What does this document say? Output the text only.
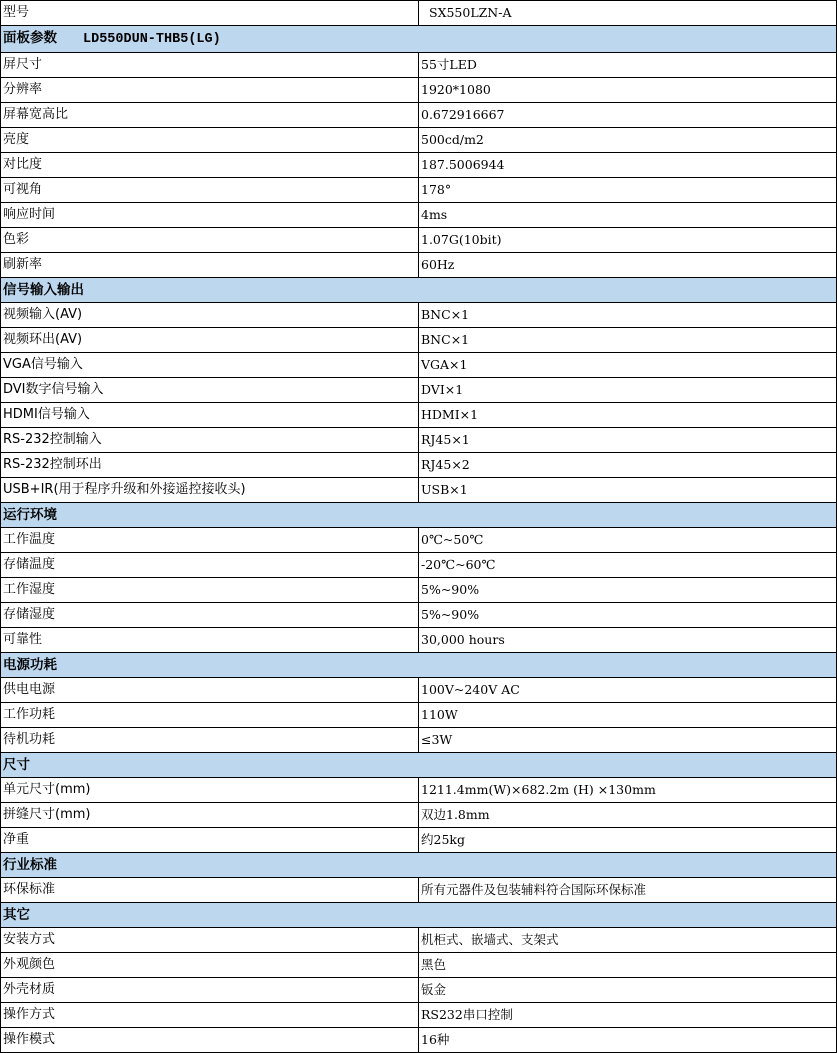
型号	SX550LZN-A
面板参数 LD550DUN-THB5(LG)	
屏尺寸	55寸LED
分辨率	1920*1080
屏幕宽高比	0.672916667
亮度	500cd/m2
对比度	187.5006944
可视角	178°
响应时间	4ms
色彩	1.07G(10bit)
刷新率	60Hz
信号输入输出	
视频输入(AV)	BNC×1
视频环出(AV)	BNC×1
VGA信号输入	VGA×1
DVI数字信号输入	DVI×1
HDMI信号输入	HDMI×1
RS-232控制输入	RJ45×1
RS-232控制环出	RJ45×2
USB+IR(用于程序升级和外接遥控接收头)	USB×1
运行环境	
工作温度	0℃~50℃
存储温度	-20℃~60℃
工作湿度	5%~90%
存储湿度	5%~90%
可靠性	30,000 hours
电源功耗	
供电电源	100V~240V AC
工作功耗	110W
待机功耗	≤3W
尺寸	
单元尺寸(mm)	1211.4mm(W)×682.2m (H) ×130mm
拼缝尺寸(mm)	双边1.8mm
净重	约25kg
行业标准	
环保标准	所有元器件及包装辅料符合国际环保标准
其它	
安装方式	机柜式、嵌墙式、支架式
外观颜色	黑色
外壳材质	钣金
操作方式	RS232串口控制
操作模式	16种
